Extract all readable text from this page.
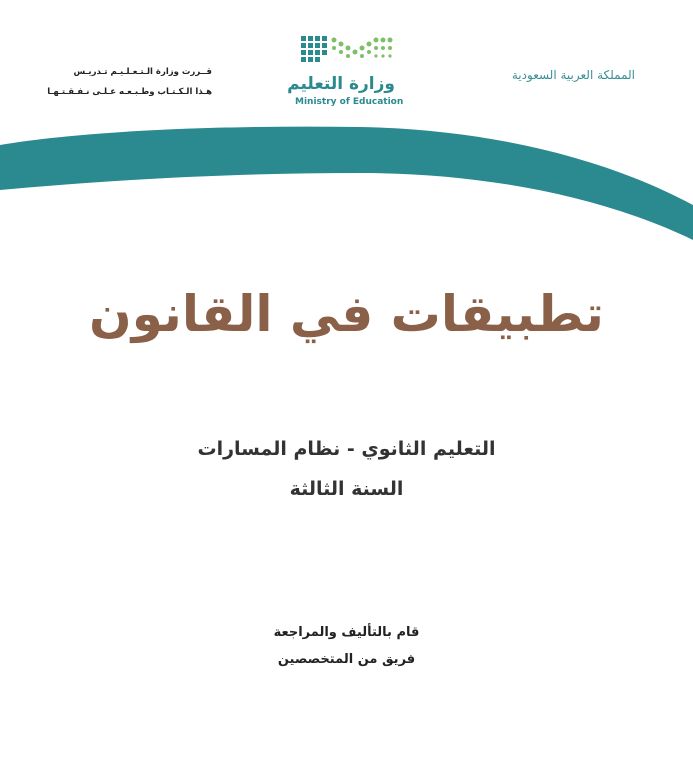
قــررت وزارة الـتـعـلـيـم تـدريـس
هـذا الـكـتـاب وطـبـعـه عـلـى نـفـقـتـهـا	وزارة التعليم
Ministry of Education
المملكة العربية السعودية
تطبيقات في القانون
التعليم الثانوي - نظام المسارات
السنة الثالثة
قام بالتأليف والمراجعة
فريق من المتخصصين
